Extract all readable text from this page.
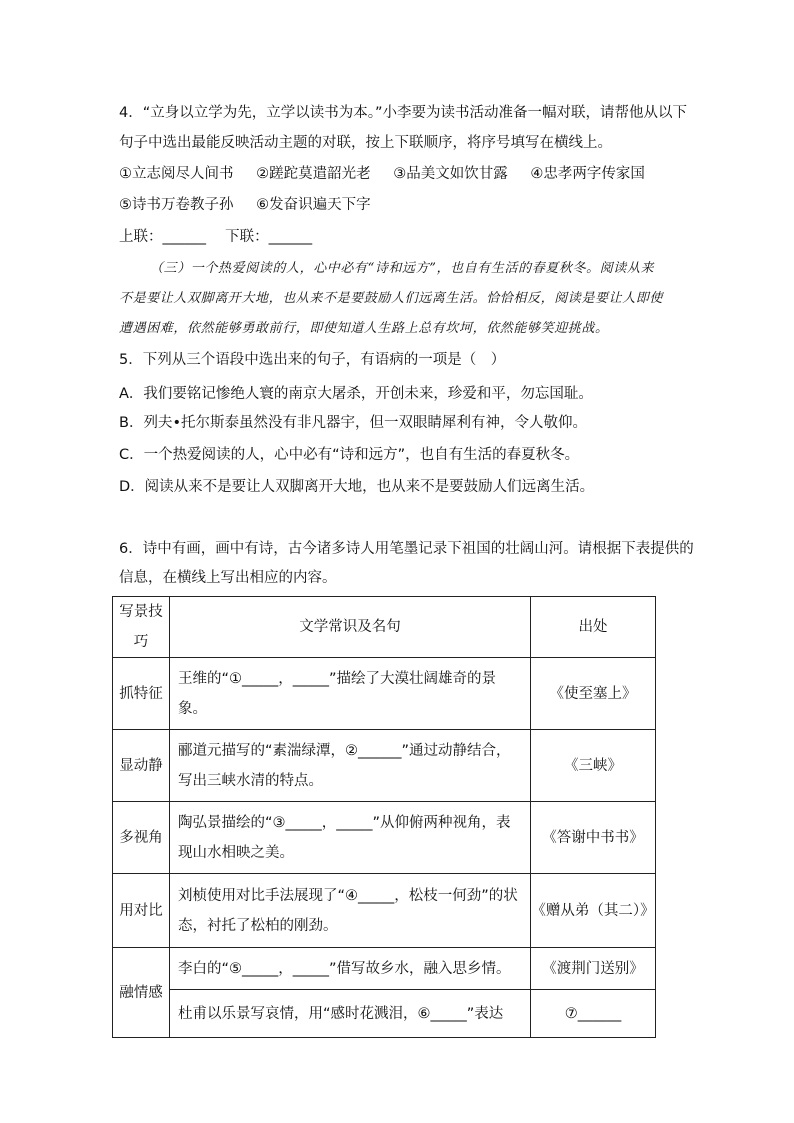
4．“立身以立学为先，立学以读书为本。”小李要为读书活动准备一幅对联，请帮他从以下
句子中选出最能反映活动主题的对联，按上下联顺序，将序号填写在横线上。
①立志阅尽人间书 ②蹉跎莫遣韶光老 ③品美文如饮甘露 ④忠孝两字传家国
⑤诗书万卷教子孙 ⑥发奋识遍天下字
上联：______　 下联：______
（三）一个热爱阅读的人，心中必有“诗和远方”，也自有生活的春夏秋冬。阅读从来
不是要让人双脚离开大地，也从来不是要鼓励人们远离生活。恰恰相反，阅读是要让人即使
遭遇困难，依然能够勇敢前行，即使知道人生路上总有坎坷，依然能够笑迎挑战。
5．下列从三个语段中选出来的句子，有语病的一项是（　）
A．我们要铭记惨绝人寰的南京大屠杀，开创未来，珍爱和平，勿忘国耻。
B．列夫•托尔斯泰虽然没有非凡器宇，但一双眼睛犀利有神，令人敬仰。
C．一个热爱阅读的人，心中必有“诗和远方”，也自有生活的春夏秋冬。
D．阅读从来不是要让人双脚离开大地，也从来不是要鼓励人们远离生活。
6．诗中有画，画中有诗，古今诸多诗人用笔墨记录下祖国的壮阔山河。请根据下表提供的
信息，在横线上写出相应的内容。
写景技巧	文学常识及名句	出处
抓特征	王维的“①_____，_____”描绘了大漠壮阔雄奇的景象。	《使至塞上》
显动静	郦道元描写的“素湍绿潭，②______”通过动静结合，写出三峡水清的特点。	《三峡》
多视角	陶弘景描绘的“③_____，_____”从仰俯两种视角，表现山水相映之美。	《答谢中书书》
用对比	刘桢使用对比手法展现了“④_____，松枝一何劲”的状态，衬托了松柏的刚劲。	《赠从弟（其二）》
融情感	李白的“⑤_____，_____”借写故乡水，融入思乡情。	《渡荆门送别》
	杜甫以乐景写哀情，用“感时花溅泪，⑥_____”表达	⑦______
